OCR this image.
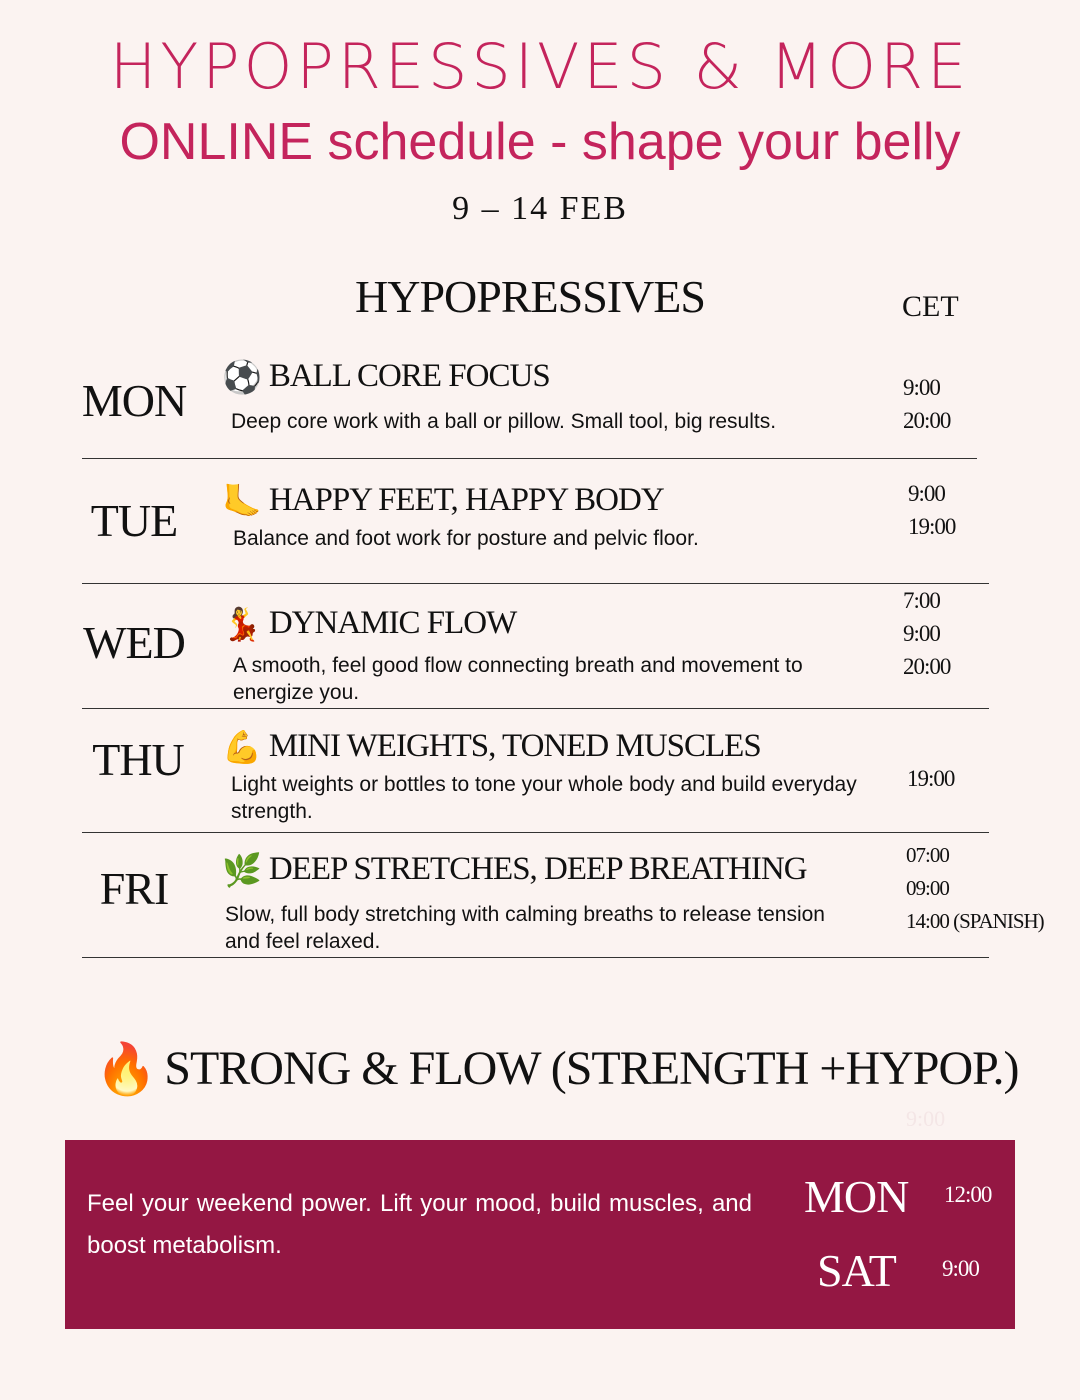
HYPOPRESSIVES & MORE
ONLINE schedule - shape your belly
9 – 14 FEB
HYPOPRESSIVES	CET
MON ⚽ BALL CORE FOCUS
Deep core work with a ball or pillow. Small tool, big results.
9:00
20:00
TUE	🦶 HAPPY FEET, HAPPY BODY
Balance and foot work for posture and pelvic floor.
9:00
19:00
WED 💃 DYNAMIC FLOW
A smooth, feel good flow connecting breath and movement to energize you.
7:00
9:00
20:00
THU	💪 MINI WEIGHTS, TONED MUSCLES
Light weights or bottles to tone your whole body and build everyday strength.
19:00
FRI	🌿 DEEP STRETCHES, DEEP BREATHING
Slow, full body stretching with calming breaths to release tension and feel relaxed.
07:00
09:00
14:00 (SPANISH)
🔥 STRONG & FLOW (STRENGTH +HYPOP.)
9:00
Feel your weekend power. Lift your mood, build muscles, and boost metabolism.
MON 12:00
SAT 9:00
